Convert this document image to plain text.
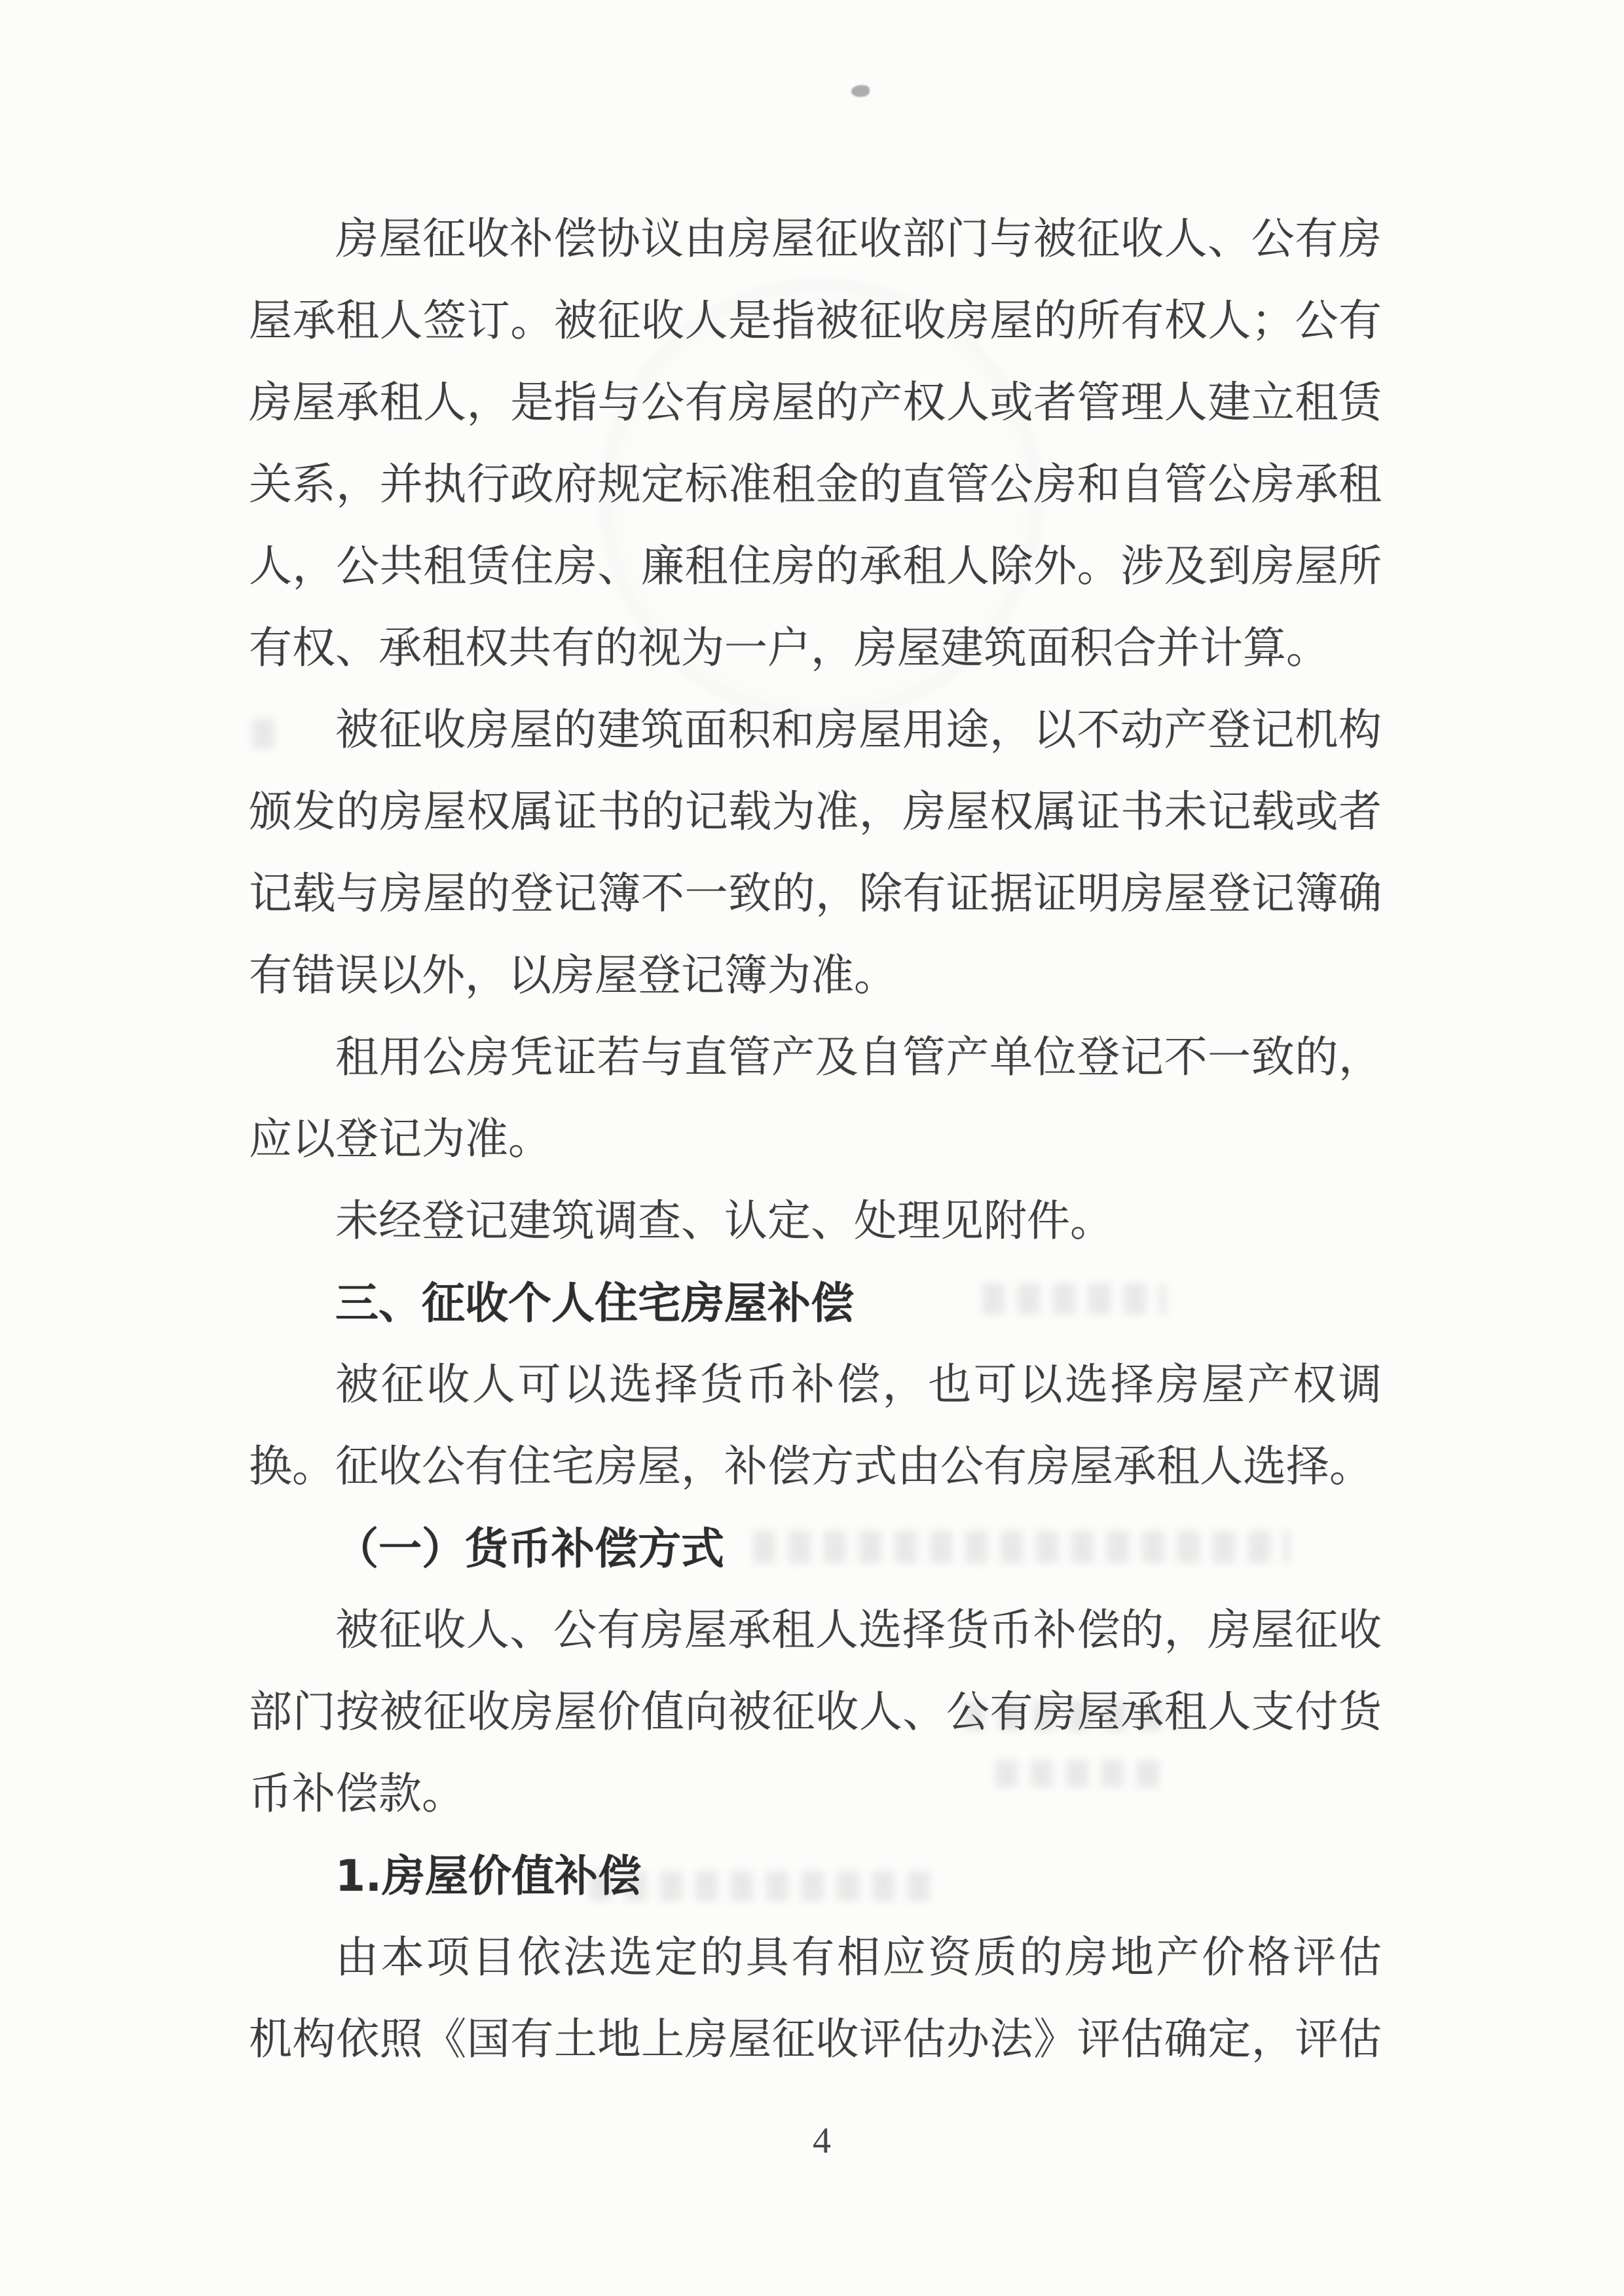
房屋征收补偿协议由房屋征收部门与被征收人、公有房
屋承租人签订。被征收人是指被征收房屋的所有权人；公有
房屋承租人，是指与公有房屋的产权人或者管理人建立租赁
关系，并执行政府规定标准租金的直管公房和自管公房承租
人，公共租赁住房、廉租住房的承租人除外。涉及到房屋所
有权、承租权共有的视为一户，房屋建筑面积合并计算。
被征收房屋的建筑面积和房屋用途，以不动产登记机构
颁发的房屋权属证书的记载为准，房屋权属证书未记载或者
记载与房屋的登记簿不一致的，除有证据证明房屋登记簿确
有错误以外，以房屋登记簿为准。
租用公房凭证若与直管产及自管产单位登记不一致的，
应以登记为准。
未经登记建筑调查、认定、处理见附件。
三、征收个人住宅房屋补偿
被征收人可以选择货币补偿，也可以选择房屋产权调
换。征收公有住宅房屋，补偿方式由公有房屋承租人选择。
（一）货币补偿方式
被征收人、公有房屋承租人选择货币补偿的，房屋征收
部门按被征收房屋价值向被征收人、公有房屋承租人支付货
币补偿款。
1.房屋价值补偿
由本项目依法选定的具有相应资质的房地产价格评估
机构依照《国有土地上房屋征收评估办法》评估确定，评估
4
